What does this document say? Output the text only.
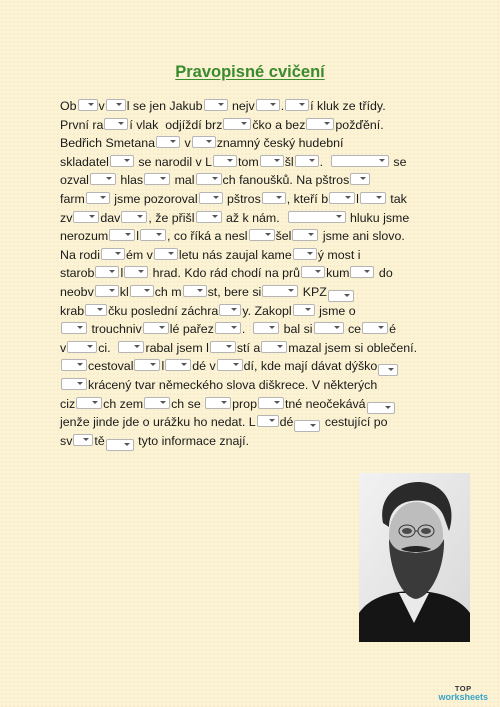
Pravopisné cvičení
Ob v l se jen Jakub
nejv . í kluk ze třídy.
První ra í vlak  odjíždí brz čko a bez požďění.
Bedřich Smetana
v znamný český hudební
skladatel
se narodil v L tom šl .	se
ozval
hlas
mal ch fanoušků. Na pštros
farm
jsme pozoroval
pštros , kteří b l
tak
zv dav , že přišl
až k nám.	hluku jsme
nerozum l , co říká a nesl šel
jsme ani slovo.
Na rodi ém v letu nás zaujal kame ý most i
starob l
hrad. Kdo rád chodí na prů kum
do
neobv kl ch m st, bere si	KPZ
krab čku poslední záchra y. Zakopl
jsme o
trouchniv lé pařez .
bal si	ce é
v	ci.
rabal jsem l stí a mazal jsem si oblečení.
cestoval l dé v dí, kde mají dávat dýško
krácený tvar německého slova diškrece. V některých
ciz ch zem ch se
prop tné neočekává
jenže jinde jde o urážku ho nedat. L dé
cestující po
sv tě
tyto informace znají.
TOP
worksheets
